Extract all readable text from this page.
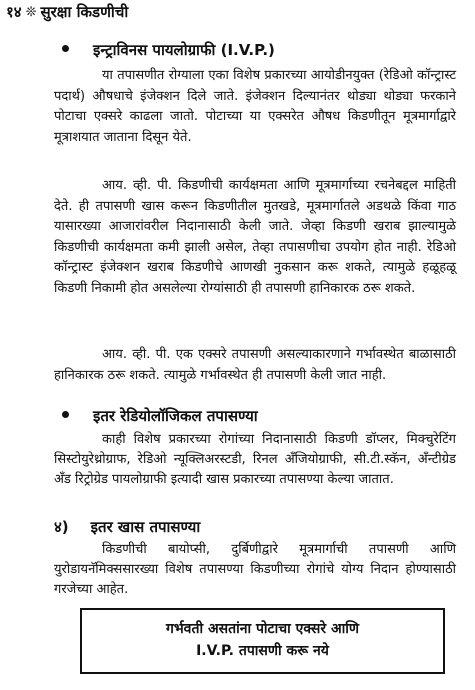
१४ ❊ सुरक्षा किडणीची
इन्ट्राविनस पायलोग्राफी (I.V.P.)

या तपासणीत रोग्याला एका विशेष प्रकारच्या आयोडीनयुक्त (रेडिओ कॉन्ट्रास्ट पदार्थ) औषधाचे इंजेक्शन दिले जाते. इंजेक्शन दिल्यानंतर थोड्या थोड्या फरकाने पोटाचा एक्सरे काढला जातो. पोटाच्या या एक्सरेत औषध किडणीतून मूत्रमार्गाद्वारे मूत्राशयात जाताना दिसून येते.

आय. व्ही. पी. किडणीची कार्यक्षमता आणि मूत्रमार्गाच्या रचनेबद्दल माहिती देते. ही तपासणी खास करून किडणीतील मुतखडे, मूत्रमार्गातले अडथळे किंवा गाठ यासारख्या आजारांवरील निदानासाठी केली जाते. जेव्हा किडणी खराब झाल्यामुळे किडणीची कार्यक्षमता कमी झाली असेल, तेव्हा तपासणीचा उपयोग होत नाही. रेडिओ कॉन्ट्रास्ट इंजेक्शन खराब किडणीचे आणखी नुकसान करू शकते, त्यामुळे हळूहळू किडणी निकामी होत असलेल्या रोग्यांसाठी ही तपासणी हानिकारक ठरू शकते.

आय. व्ही. पी. एक एक्सरे तपासणी असल्याकारणाने गर्भावस्थेत बाळासाठी हानिकारक ठरू शकते. त्यामुळे गर्भावस्थेत ही तपासणी केली जात नाही.

इतर रेडियोलॉजिकल तपासण्या

काही विशेष प्रकारच्या रोगांच्या निदानासाठी किडणी डॉप्लर, मिक्चुरेटिंग सिस्टोयुरेथ्रोग्राफ, रेडिओ न्यूक्लिअरस्टडी, रिनल अँजियोग्राफी, सी.टी.स्कॅन, अँन्टीग्रेड अँड रिट्रोग्रेड पायलोग्राफी इत्यादी खास प्रकारच्या तपासण्या केल्या जातात.

४) इतर खास तपासण्या

किडणीची बायोप्सी, दुर्बिणीद्वारे मूत्रमार्गाची तपासणी आणि युरोडायनॅमिक्ससारख्या विशेष तपासण्या किडणीच्या रोगांचे योग्य निदान होण्यासाठी गरजेच्या आहेत.

गर्भवती असतांना पोटाचा एक्सरे आणि
I.V.P. तपासणी करू नये
